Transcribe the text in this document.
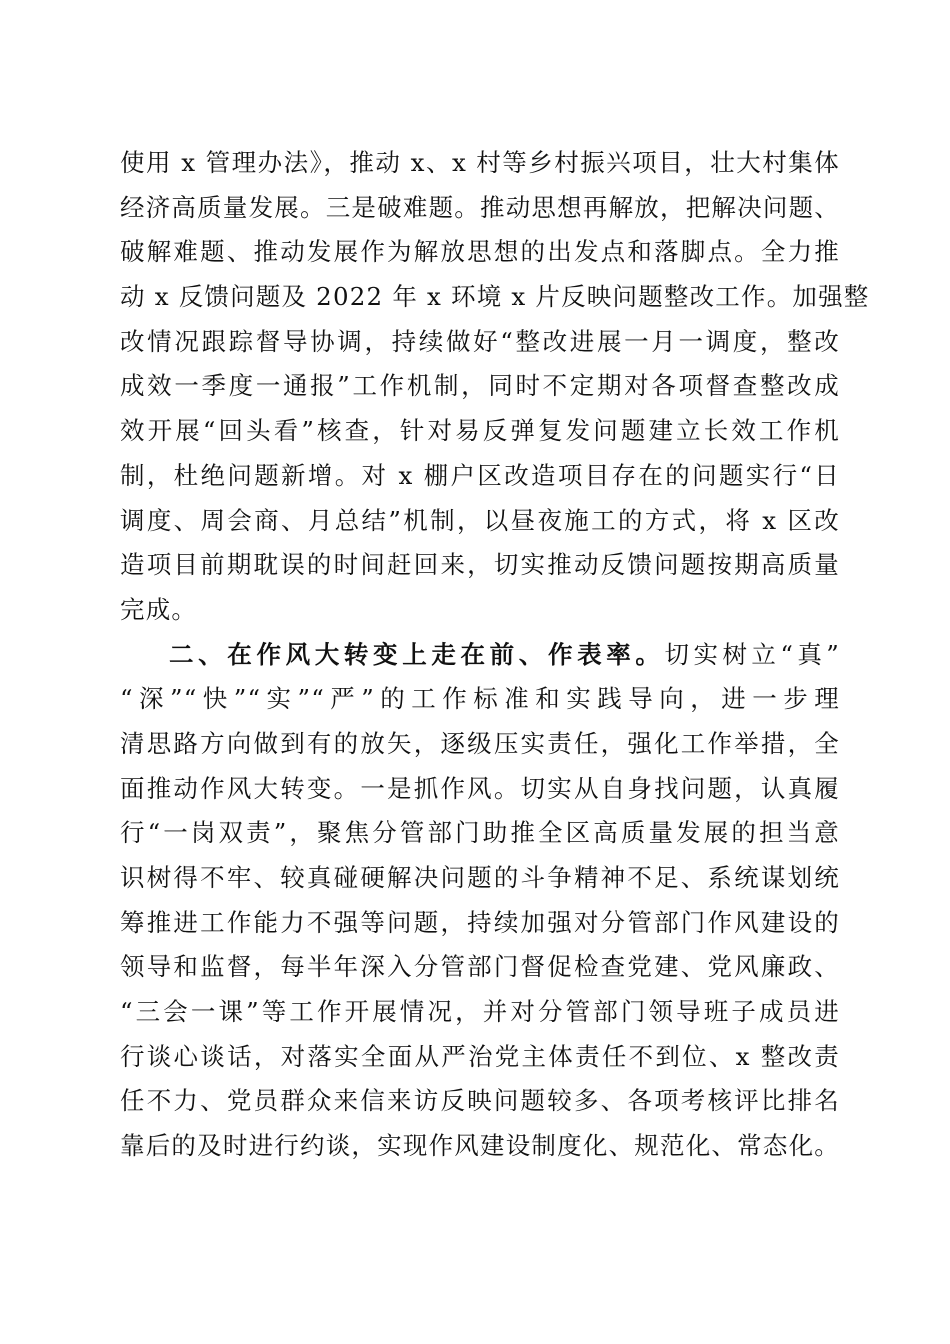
使用 x 管理办法》，推动 x、x 村等乡村振兴项目，壮大村集体
经济高质量发展。三是破难题。推动思想再解放，把解决问题、
破解难题、推动发展作为解放思想的出发点和落脚点。全力推
动 x 反馈问题及 2022 年 x 环境 x 片反映问题整改工作。加强整
改情况跟踪督导协调，持续做好“整改进展一月一调度，整改
成效一季度一通报”工作机制，同时不定期对各项督查整改成
效开展“回头看”核查，针对易反弹复发问题建立长效工作机
制，杜绝问题新增。对 x 棚户区改造项目存在的问题实行“日
调度、周会商、月总结”机制，以昼夜施工的方式，将 x 区改
造项目前期耽误的时间赶回来，切实推动反馈问题按期高质量
完成。
二、在作风大转变上走在前、作表率。切实树立“真”
“深”“快”“实”“严”的工作标准和实践导向，进一步理
清思路方向做到有的放矢，逐级压实责任，强化工作举措，全
面推动作风大转变。一是抓作风。切实从自身找问题，认真履
行“一岗双责”，聚焦分管部门助推全区高质量发展的担当意
识树得不牢、较真碰硬解决问题的斗争精神不足、系统谋划统
筹推进工作能力不强等问题，持续加强对分管部门作风建设的
领导和监督，每半年深入分管部门督促检查党建、党风廉政、
“三会一课”等工作开展情况，并对分管部门领导班子成员进
行谈心谈话，对落实全面从严治党主体责任不到位、x 整改责
任不力、党员群众来信来访反映问题较多、各项考核评比排名
靠后的及时进行约谈，实现作风建设制度化、规范化、常态化。
